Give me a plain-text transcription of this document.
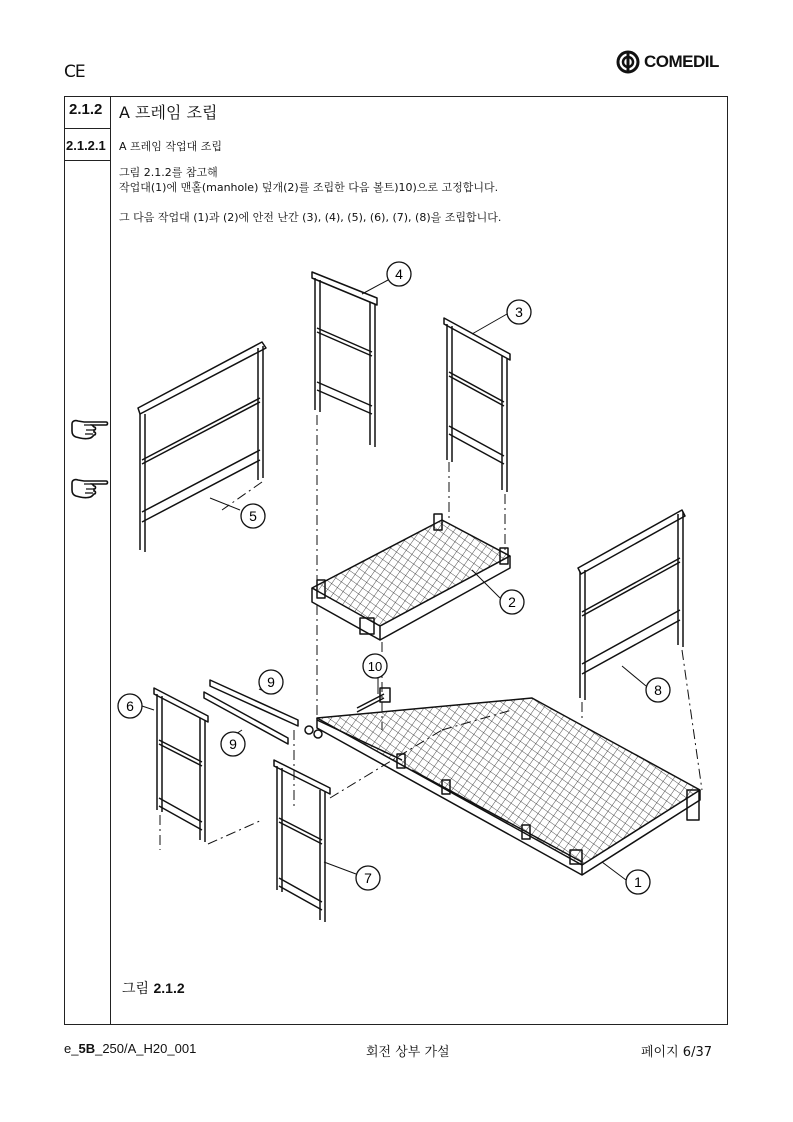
CE
COMEDIL
2.1.2 A 프레임 조립
2.1.2.1 A 프레임 작업대 조립
그림 2.1.2를 참고해
작업대(1)에 맨홀(manhole) 덮개(2)를 조립한 다음 볼트)10)으로 고정합니다.
그 다음 작업대 (1)과 (2)에 안전 난간 (3), (4), (5), (6), (7), (8)을 조립합니다.
4
3
5
2
10
9
9
6
8
7	1
그림 2.1.2
e_5B_250/A_H20_001	회전 상부 가설	페이지 6/37
